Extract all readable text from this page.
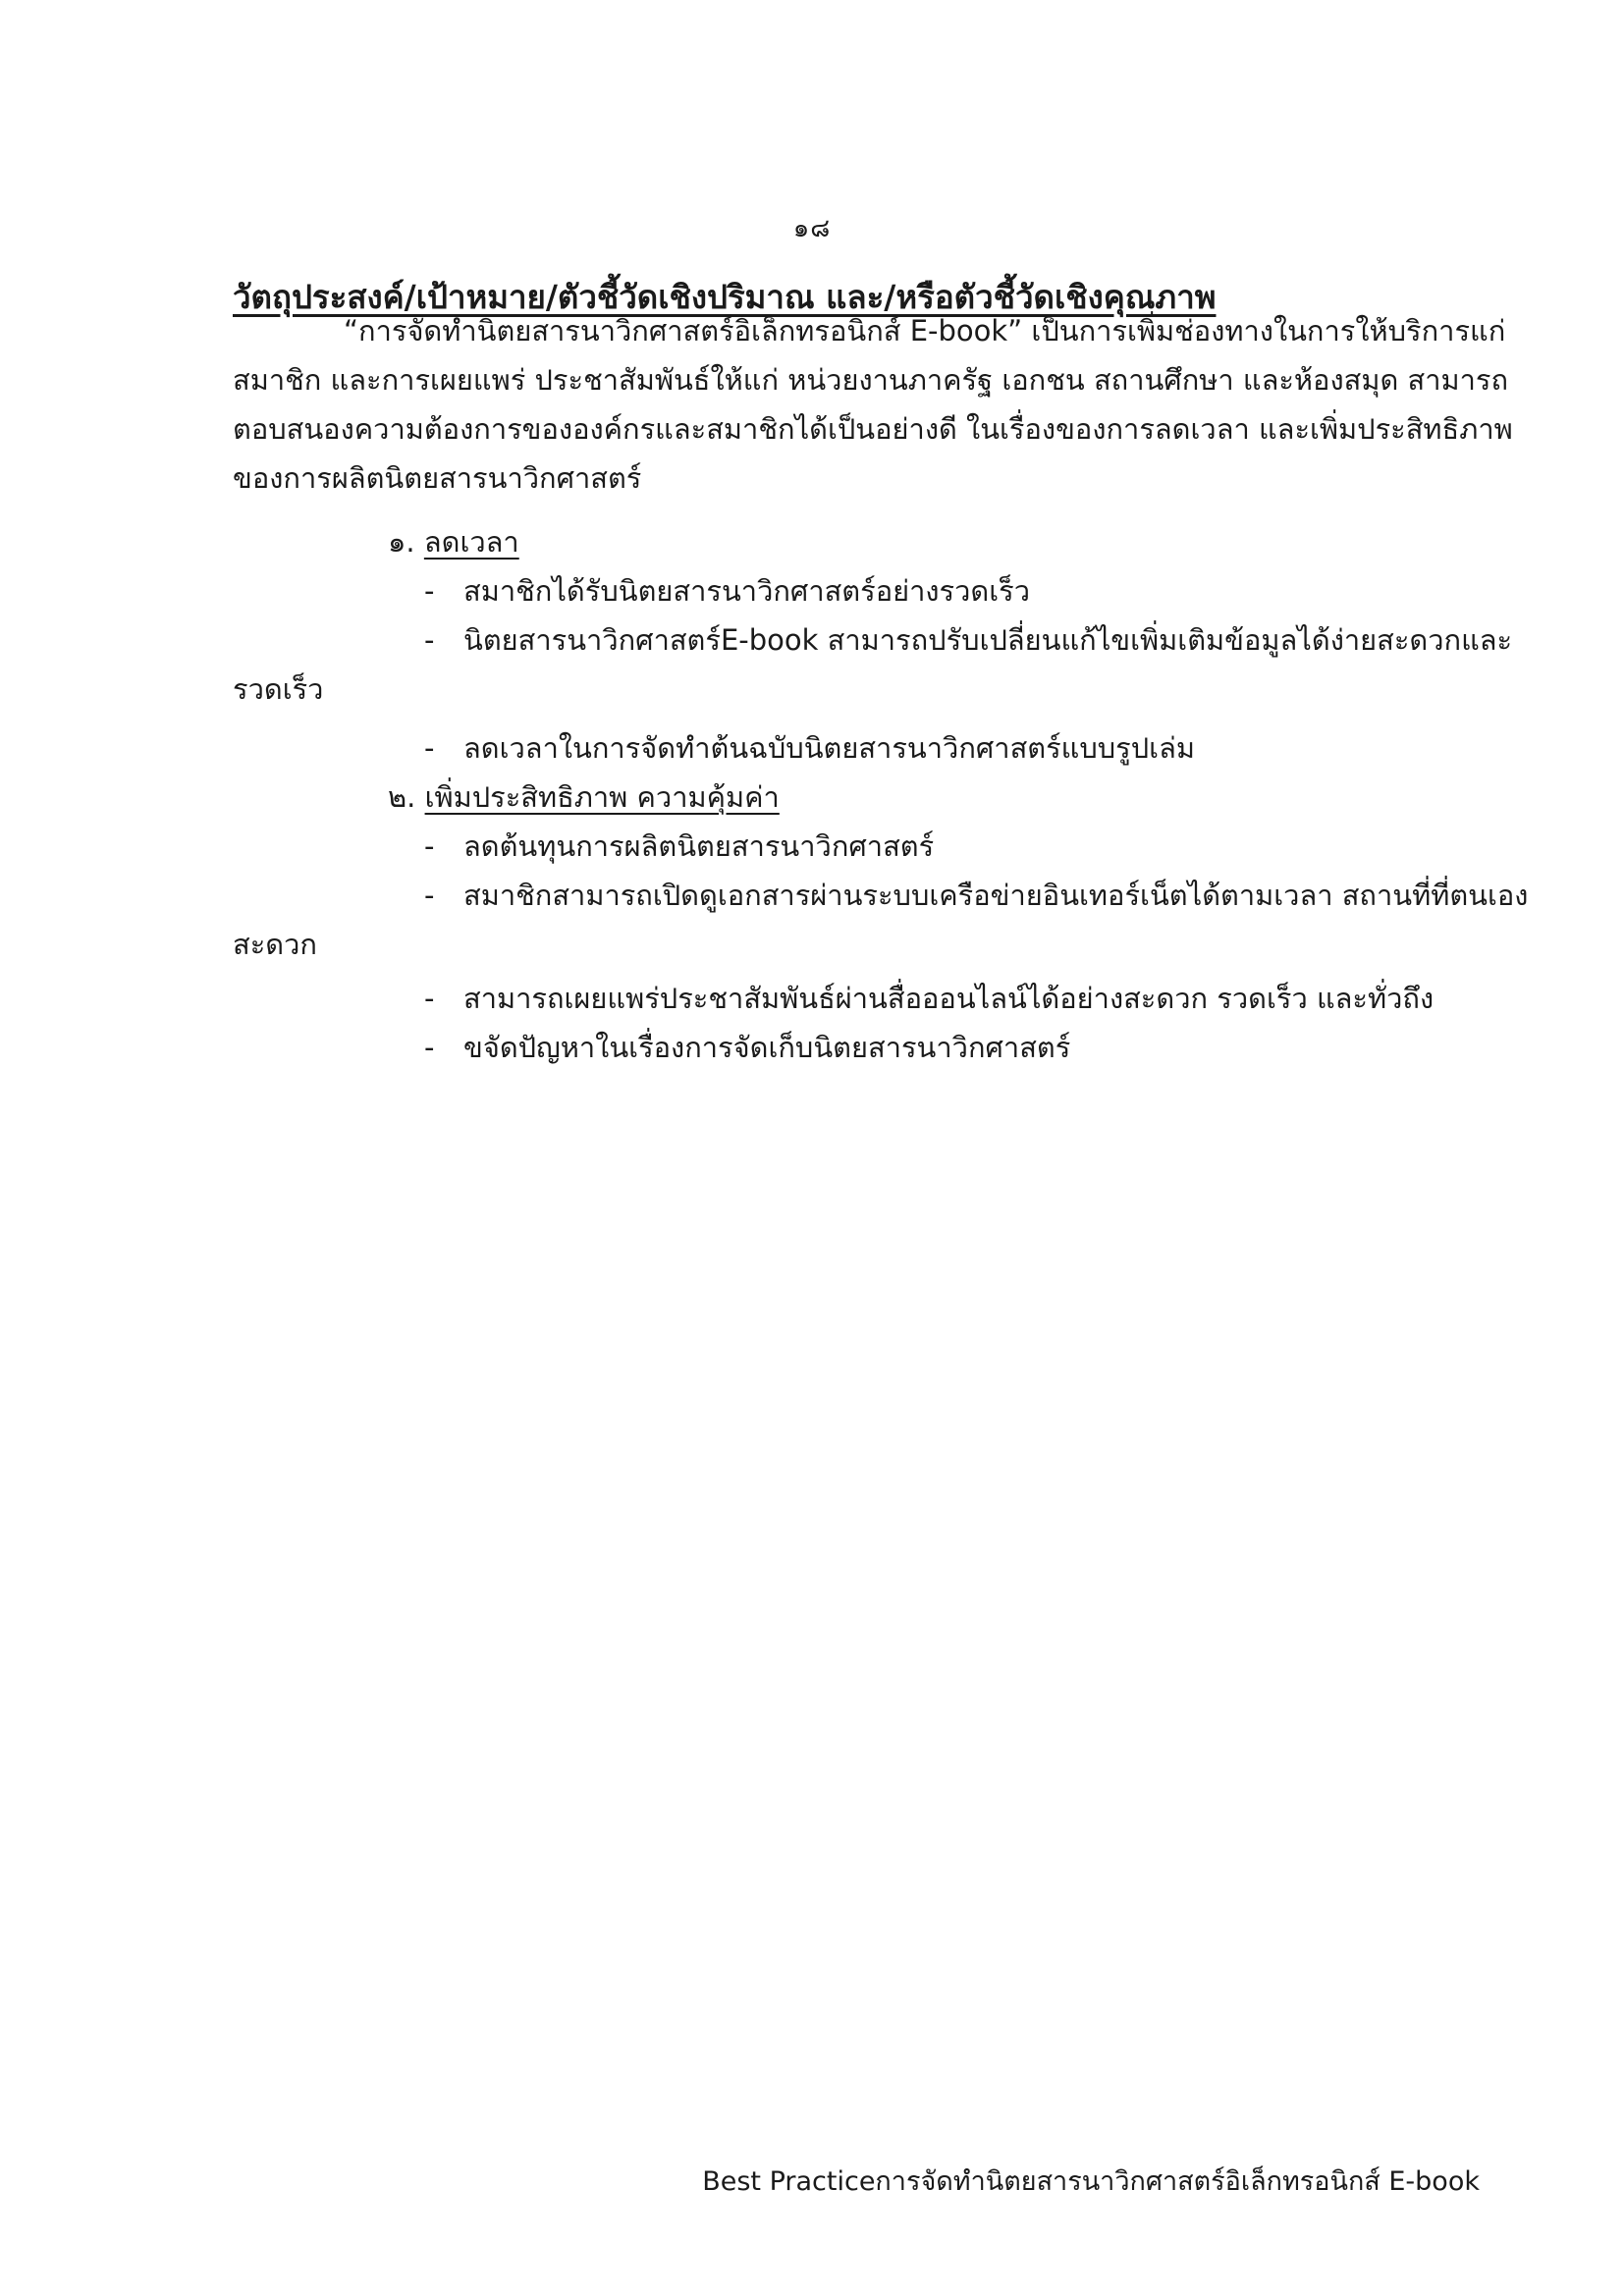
๑๘
วัตถุประสงค์/เป้าหมาย/ตัวชี้วัดเชิงปริมาณ และ/หรือตัวชี้วัดเชิงคุณภาพ
“การจัดทำนิตยสารนาวิกศาสตร์อิเล็กทรอนิกส์ E-book” เป็นการเพิ่มช่องทางในการให้บริการแก่
สมาชิก และการเผยแพร่ ประชาสัมพันธ์ให้แก่ หน่วยงานภาครัฐ เอกชน สถานศึกษา และห้องสมุด สามารถ
ตอบสนองความต้องการขององค์กรและสมาชิกได้เป็นอย่างดี ในเรื่องของการลดเวลา และเพิ่มประสิทธิภาพ
ของการผลิตนิตยสารนาวิกศาสตร์
๑. ลดเวลา
- สมาชิกได้รับนิตยสารนาวิกศาสตร์อย่างรวดเร็ว
- นิตยสารนาวิกศาสตร์E-book สามารถปรับเปลี่ยนแก้ไขเพิ่มเติมข้อมูลได้ง่ายสะดวกและ
รวดเร็ว
- ลดเวลาในการจัดทำต้นฉบับนิตยสารนาวิกศาสตร์แบบรูปเล่ม
๒. เพิ่มประสิทธิภาพ ความคุ้มค่า
- ลดต้นทุนการผลิตนิตยสารนาวิกศาสตร์
- สมาชิกสามารถเปิดดูเอกสารผ่านระบบเครือข่ายอินเทอร์เน็ตได้ตามเวลา สถานที่ที่ตนเอง
สะดวก
- สามารถเผยแพร่ประชาสัมพันธ์ผ่านสื่อออนไลน์ได้อย่างสะดวก รวดเร็ว และทั่วถึง
- ขจัดปัญหาในเรื่องการจัดเก็บนิตยสารนาวิกศาสตร์
Best Practiceการจัดทำนิตยสารนาวิกศาสตร์อิเล็กทรอนิกส์ E-book
